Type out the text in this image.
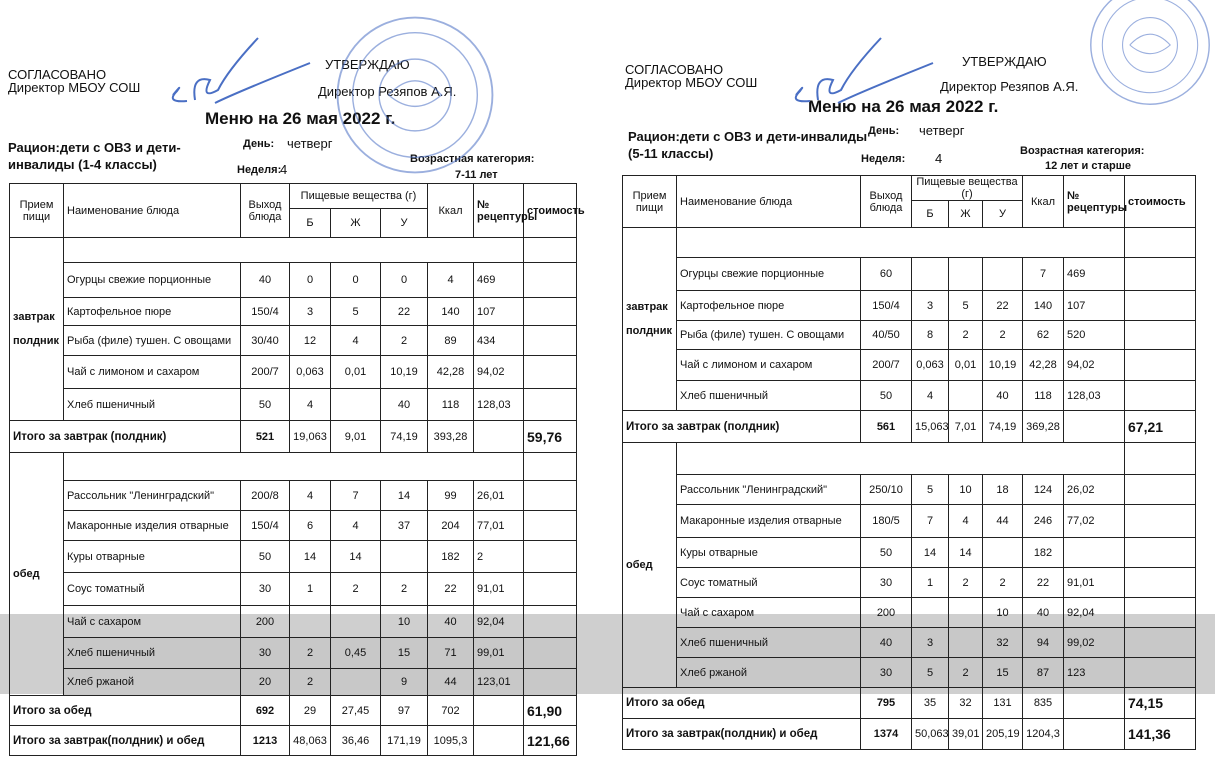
СОГЛАСОВАНО
Директор МБОУ СОШ
УТВЕРЖДАЮ
Директор Резяпов А.Я.
Меню на 26 мая 2022 г.
Рацион:дети с ОВЗ и дети-
инвалиды (1-4 классы)
День: четверг
Неделя:
4
Возрастная категория:
7-11 лет
Прием пищи	Наименование блюда	Выход блюда	Пищевые вещества (г)			Ккал	№ рецептуры	стоимость
			Б	Ж	У			

завтрак
полдник								

	Огурцы свежие порционные	40	0	0	0	4	469	
	Картофельное пюре	150/4	3	5	22	140	107	
	Рыба (филе) тушен. С овощами	30/40	12	4	2	89	434	
	Чай с лимоном и сахаром	200/7	0,063	0,01	10,19	42,28	94,02	
	Хлеб пшеничный	50	4		40	118	128,03	
Итого за завтрак (полдник)		521	19,063	9,01	74,19	393,28		59,76

обед								

	Рассольник "Ленинградский"	200/8	4	7	14	99	26,01	
	Макаронные изделия отварные	150/4	6	4	37	204	77,01	
	Куры отварные	50	14	14		182	2	
	Соус томатный	30	1	2	2	22	91,01	
	Чай с сахаром	200			10	40	92,04	
	Хлеб пшеничный	30	2	0,45	15	71	99,01	
	Хлеб ржаной	20	2		9	44	123,01	
Итого за обед		692	29	27,45	97	702		61,90
Итого за завтрак(полдник) и обед		1213	48,063	36,46	171,19	1095,3		121,66
СОГЛАСОВАНО
Директор МБОУ СОШ
УТВЕРЖДАЮ
Директор Резяпов А.Я.
Меню на 26 мая 2022 г.
Рацион:дети с ОВЗ и дети-инвалиды
(5-11 классы)
День: четверг
Неделя: 4	Возрастная категория:
12 лет и старше
Прием пищи	Наименование блюда	Выход блюда	Пищевые вещества (г)			Ккал	№ рецептуры	стоимость
			Б	Ж	У			

завтрак
полдник								

	Огурцы свежие порционные	60				7	469	
	Картофельное пюре	150/4	3	5	22	140	107	
	Рыба (филе) тушен. С овощами	40/50	8	2	2	62	520	
	Чай с лимоном и сахаром	200/7	0,063	0,01	10,19	42,28	94,02	
	Хлеб пшеничный	50	4		40	118	128,03	
Итого за завтрак (полдник)		561	15,063	7,01	74,19	369,28		67,21

обед								

	Рассольник "Ленинградский"	250/10	5	10	18	124	26,02	
	Макаронные изделия отварные	180/5	7	4	44	246	77,02	
	Куры отварные	50	14	14		182		
	Соус томатный	30	1	2	2	22	91,01	
	Чай с сахаром	200			10	40	92,04	
	Хлеб пшеничный	40	3		32	94	99,02	
	Хлеб ржаной	30	5	2	15	87	123	
Итого за обед		795	35	32	131	835		74,15
Итого за завтрак(полдник) и обед		1374	50,063	39,01	205,19	1204,3		141,36
